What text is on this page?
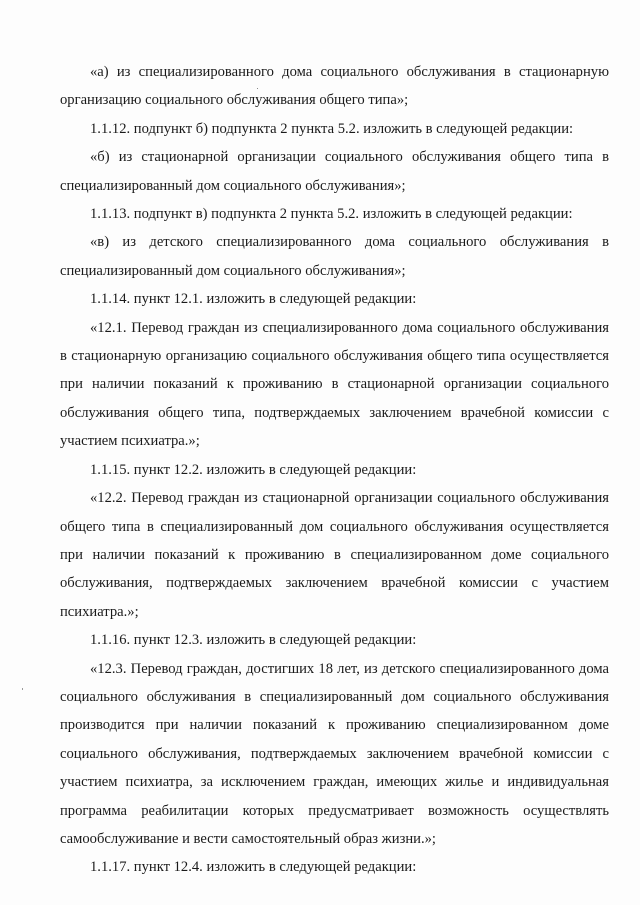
«а) из специализированного дома социального обслуживания в стационарную организацию социального обслуживания общего типа»;

1.1.12. подпункт б) подпункта 2 пункта 5.2. изложить в следующей редакции:

«б) из стационарной организации социального обслуживания общего типа в специализированный дом социального обслуживания»;

1.1.13. подпункт в) подпункта 2 пункта 5.2. изложить в следующей редакции:

«в) из детского специализированного дома социального обслуживания в специализированный дом социального обслуживания»;

1.1.14. пункт 12.1. изложить в следующей редакции:

«12.1. Перевод граждан из специализированного дома социального обслуживания в стационарную организацию социального обслуживания общего типа осуществляется при наличии показаний к проживанию в стационарной организации социального обслуживания общего типа, подтверждаемых заключением врачебной комиссии с участием психиатра.»;

1.1.15. пункт 12.2. изложить в следующей редакции:

«12.2. Перевод граждан из стационарной организации социального обслуживания общего типа в специализированный дом социального обслуживания осуществляется при наличии показаний к проживанию в специализированном доме социального обслуживания, подтверждаемых заключением врачебной комиссии с участием психиатра.»;

1.1.16. пункт 12.3. изложить в следующей редакции:

«12.3. Перевод граждан, достигших 18 лет, из детского специализированного дома социального обслуживания в специализированный дом социального обслуживания производится при наличии показаний к проживанию специализированном доме социального обслуживания, подтверждаемых заключением врачебной комиссии с участием психиатра, за исключением граждан, имеющих жилье и индивидуальная программа реабилитации которых предусматривает возможность осуществлять самообслуживание и вести самостоятельный образ жизни.»;

1.1.17. пункт 12.4. изложить в следующей редакции:
